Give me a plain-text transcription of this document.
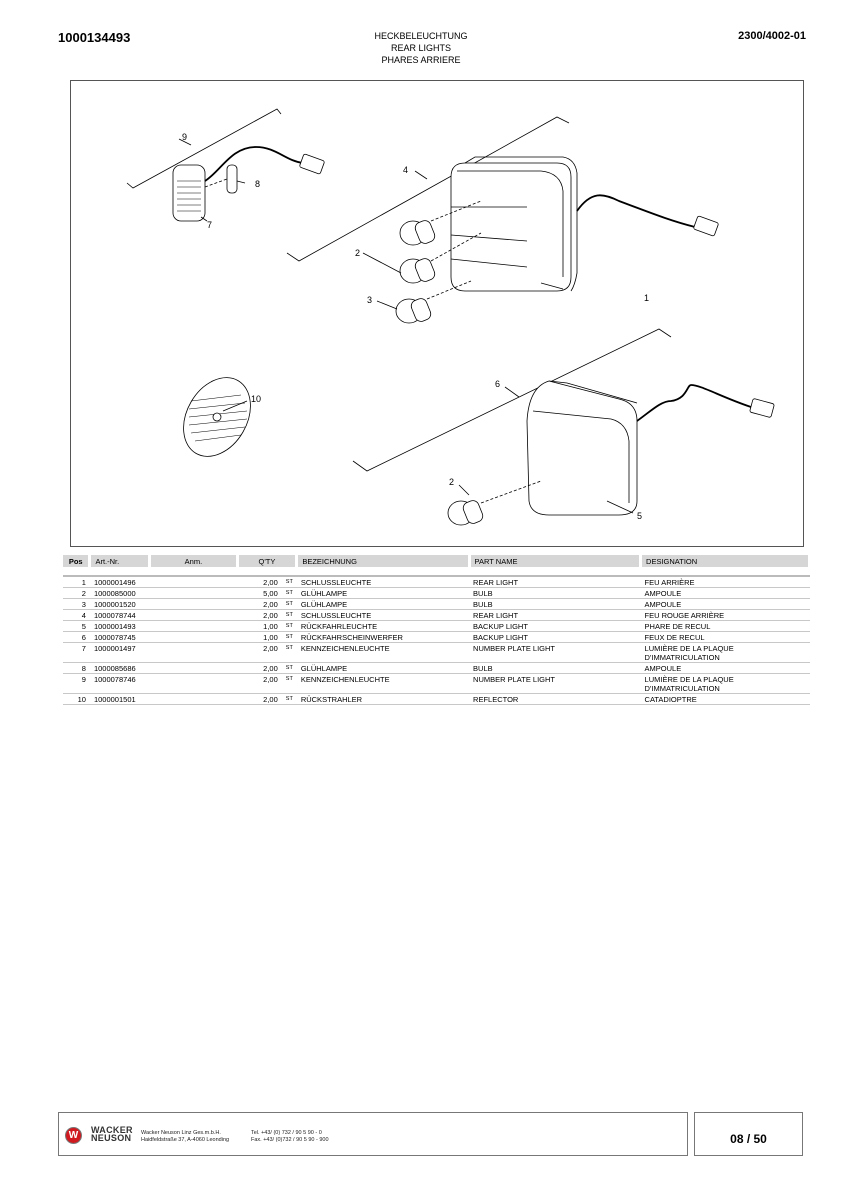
1000134493	HECKBELEUCHTUNG
REAR LIGHTS
PHARES ARRIERE
2300/4002-01
1
2
3
4
5
6
7
8
9
10
2
Pos	Art.-Nr.	Anm.	Q'TY		BEZEICHNUNG	PART NAME	DESIGNATION

1	1000001496		2,00	ST	SCHLUSSLEUCHTE	REAR LIGHT	FEU ARRIÈRE
2	1000085000		5,00	ST	GLÜHLAMPE	BULB	AMPOULE
3	1000001520		2,00	ST	GLÜHLAMPE	BULB	AMPOULE
4	1000078744		2,00	ST	SCHLUSSLEUCHTE	REAR LIGHT	FEU ROUGE ARRIÈRE
5	1000001493		1,00	ST	RÜCKFAHRLEUCHTE	BACKUP LIGHT	PHARE DE RECUL
6	1000078745		1,00	ST	RÜCKFAHRSCHEINWERFER	BACKUP LIGHT	FEUX DE RECUL
7	1000001497		2,00	ST	KENNZEICHENLEUCHTE	NUMBER PLATE LIGHT	LUMIÈRE DE LA PLAQUE D'IMMATRICULATION
8	1000085686		2,00	ST	GLÜHLAMPE	BULB	AMPOULE
9	1000078746		2,00	ST	KENNZEICHENLEUCHTE	NUMBER PLATE LIGHT	LUMIÈRE DE LA PLAQUE D'IMMATRICULATION
10	1000001501		2,00	ST	RÜCKSTRAHLER	REFLECTOR	CATADIOPTRE
W	WACKER
NEUSON Wacker Neuson Linz Ges.m.b.H.
Haidfeldstraße 37, A-4060 Leonding
Tel. +43/ (0) 732 / 90 5 90 - 0
Fax. +43/ (0)732 / 90 5 90 - 900	08 / 50
